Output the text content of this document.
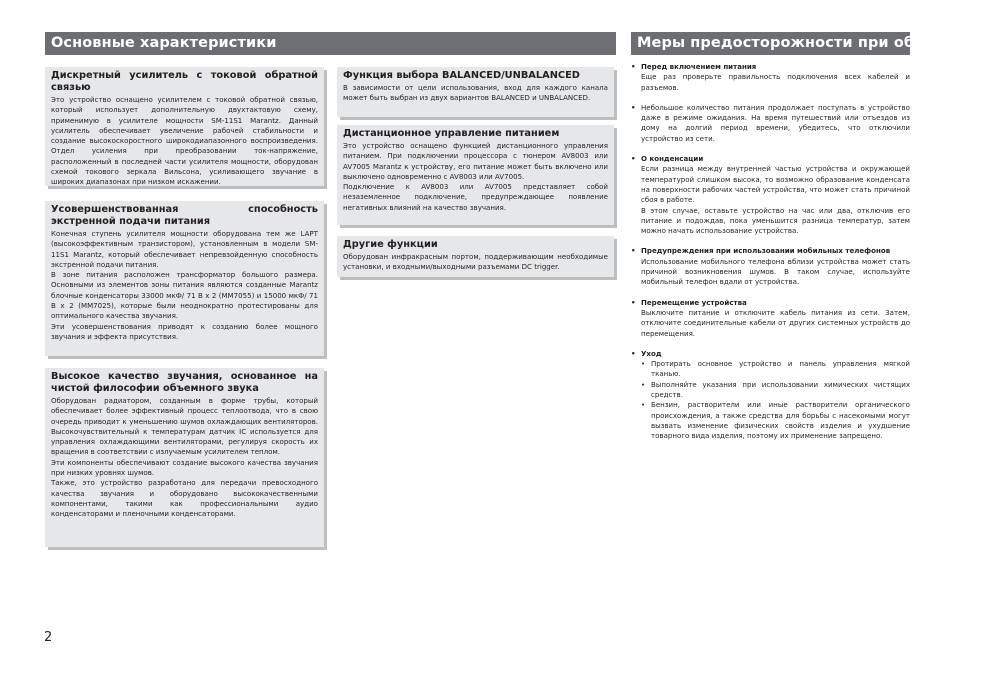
Основные характеристики	Меры предосторожности при обращении
Дискретный усилитель с токовой обратной связью

Это устройство оснащено усилителем с токовой обратной связью, который использует дополнительную двухтактовую схему, применимую в усилителе мощности SM-11S1 Marantz. Данный усилитель обеспечивает увеличение рабочей стабильности и создание высокоскоростного широкодиапазонного воспроизведения. Отдел усиления при преобразовании ток-напряжение, расположенный в последней части усилителя мощности, оборудован схемой токового зеркала Вильсона, усиливающего звучание в широких диапазонах при низком искажении.

Усовершенствованная способность экстренной подачи питания

Конечная ступень усилителя мощности оборудована тем же LAPT (высокоэффективным транзистором), установленным в модели SM-11S1 Marantz, который обеспечивает непревзойденную способность экстренной подачи питания.

В зоне питания расположен трансформатор большого размера. Основными из элементов зоны питания являются созданные Marantz блочные конденсаторы 33000 мкФ/ 71 В x 2 (MM7055) и 15000 мкФ/ 71 В x 2 (MM7025), которые были неоднократно протестированы для оптимального качества звучания.

Эти усовершенствования приводят к созданию более мощного звучания и эффекта присутствия.

Высокое качество звучания, основанное на чистой философии объемного звука

Оборудован радиатором, созданным в форме трубы, который обеспечивает более эффективный процесс теплоотвода, что в свою очередь приводит к уменьшению шумов охлаждающих вентиляторов. Высокочувствительный к температурам датчик IC используется для управления охлаждающими вентиляторами, регулируя скорость их вращения в соответствии с излучаемым усилителем теплом.

Эти компоненты обеспечивают создание высокого качества звучания при низких уровнях шумов.

Также, это устройство разработано для передачи превосходного качества звучания и оборудовано высококачественными компонентами, такими как профессиональными аудио конденсаторами и пленочными конденсаторами.

Функция выбора BALANCED/UNBALANCED

В зависимости от цели использования, вход для каждого канала может быть выбран из двух вариантов BALANCED и UNBALANCED.

Дистанционное управление питанием

Это устройство оснащено функцией дистанционного управления питанием. При подключении процессора с тюнером AV8003 или AV7005 Marantz к устройству, его питание может быть включено или выключено одновременно с AV8003 или AV7005.

Подключение к AV8003 или AV7005 представляет собой незаземленное подключение, предупреждающее появление негативных влияний на качество звучания.

Другие функции

Оборудован инфракрасным портом, поддерживающим необходимые установки, и входными/выходными разъемами DC trigger.

• Перед включением питания
Еще раз проверьте правильность подключения всех кабелей и разъемов.
• Небольшое количество питания продолжает поступать в устройство даже в режиме ожидания. На время путешествий или отъездов из дому на долгий период времени, убедитесь, что отключили устройство из сети.
• О конденсации
Если разница между внутренней частью устройства и окружающей температурой слишком высока, то возможно образование конденсата на поверхности рабочих частей устройства, что может стать причиной сбоя в работе.
В этом случае, оставьте устройство на час или два, отключив его питание и подождав, пока уменьшится разница температур, затем можно начать использование устройства.
• Предупреждения при использовании мобильных телефонов
Использование мобильного телефона вблизи устройства может стать причиной возникновения шумов. В таком случае, используйте мобильный телефон вдали от устройства.
• Перемещение устройства
Выключите питание и отключите кабель питания из сети. Затем, отключите соединительные кабели от других системных устройств до перемещения.
• Уход
• Протирать основное устройство и панель управления мягкой тканью.
• Выполняйте указания при использовании химических чистящих средств.
• Бензин, растворители или иные растворители органического происхождения, а также средства для борьбы с насекомыми могут вызвать изменение физических свойств изделия и ухудшение товарного вида изделия, поэтому их применение запрещено.
2
